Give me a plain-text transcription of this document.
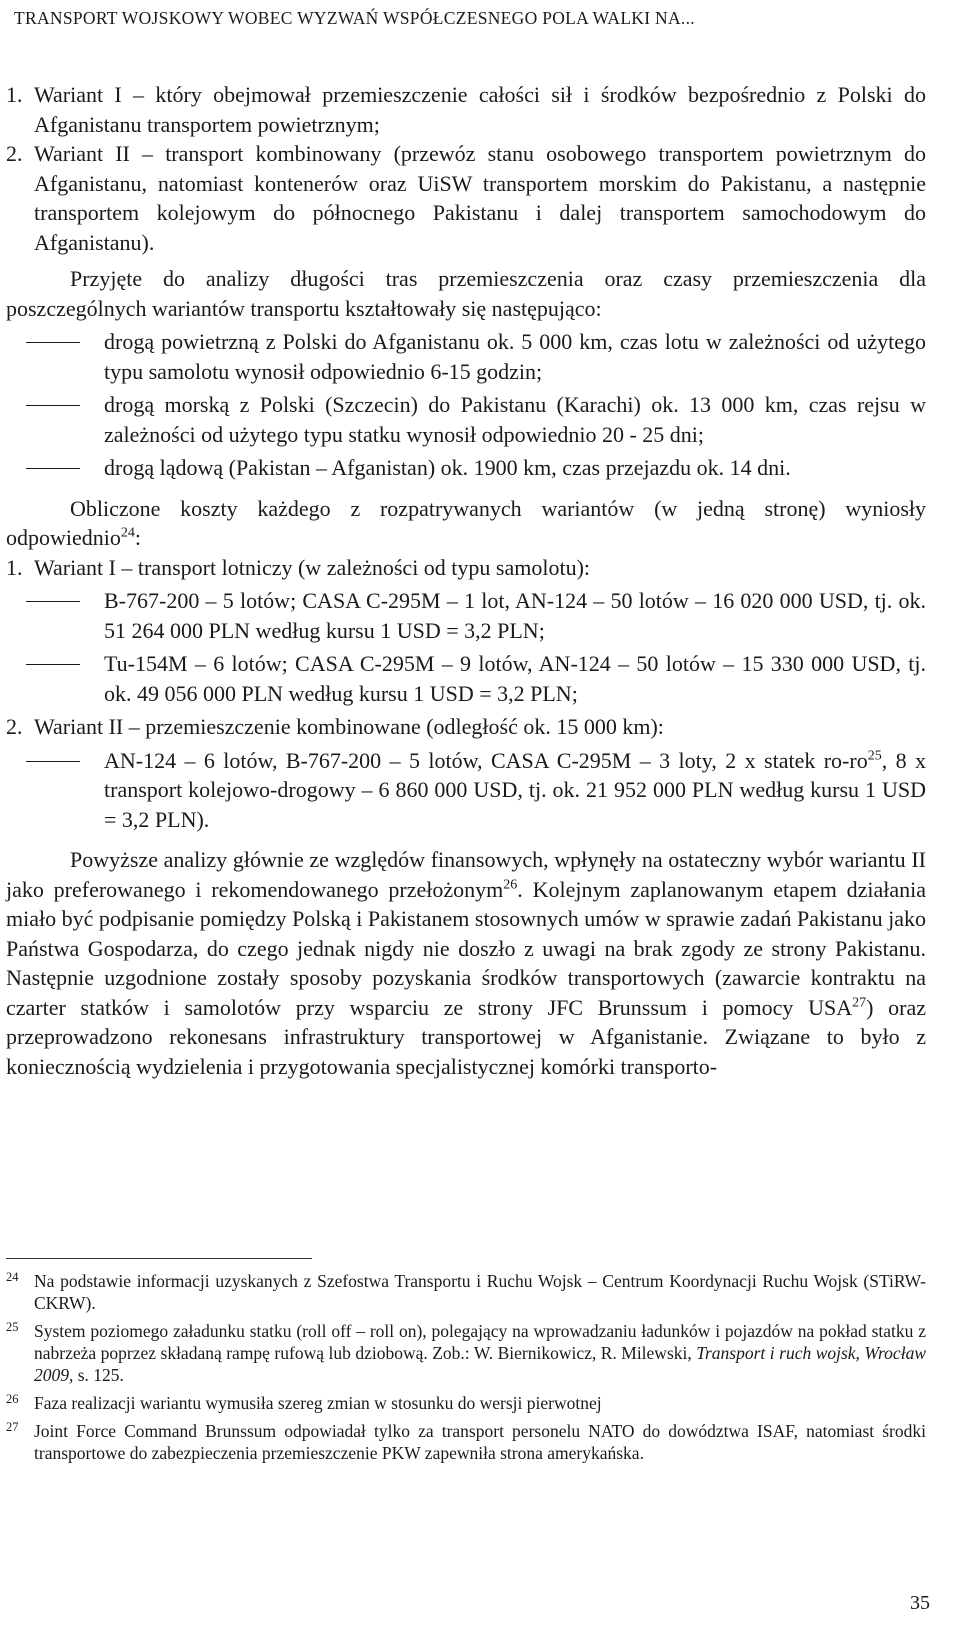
TRANSPORT WOJSKOWY WOBEC WYZWAŃ WSPÓŁCZESNEGO POLA WALKI NA...
1. Wariant I – który obejmował przemieszczenie całości sił i środków bezpośrednio z Polski do Afganistanu transportem powietrznym;
2. Wariant II – transport kombinowany (przewóz stanu osobowego transportem powietrznym do Afganistanu, natomiast kontenerów oraz UiSW transportem morskim do Pakistanu, a następnie transportem kolejowym do północnego Pakistanu i dalej transportem samochodowym do Afganistanu).

Przyjęte do analizy długości tras przemieszczenia oraz czasy przemieszczenia dla poszczególnych wariantów transportu kształtowały się następująco:

drogą powietrzną z Polski do Afganistanu ok. 5 000 km, czas lotu w zależności od użytego typu samolotu wynosił odpowiednio 6-15 godzin;
drogą morską z Polski (Szczecin) do Pakistanu (Karachi) ok. 13 000 km, czas rejsu w zależności od użytego typu statku wynosił odpowiednio 20 - 25 dni;
drogą lądową (Pakistan – Afganistan) ok. 1900 km, czas przejazdu ok. 14 dni.

Obliczone koszty każdego z rozpatrywanych wariantów (w jedną stronę) wyniosły odpowiednio$^{24}$:

1. Wariant I – transport lotniczy (w zależności od typu samolotu):
B-767-200 – 5 lotów; CASA C-295M – 1 lot, AN-124 – 50 lotów – 16 020 000 USD, tj. ok. 51 264 000 PLN według kursu 1 USD = 3,2 PLN;
Tu-154M – 6 lotów; CASA C-295M – 9 lotów, AN-124 – 50 lotów – 15 330 000 USD, tj. ok. 49 056 000 PLN według kursu 1 USD = 3,2 PLN;
2. Wariant II – przemieszczenie kombinowane (odległość ok. 15 000 km):
AN-124 – 6 lotów, B-767-200 – 5 lotów, CASA C-295M – 3 loty, 2 x statek $ro-ro^{25}$, 8 x transport kolejowo-drogowy – 6 860 000 USD, tj. ok. 21 952 000 PLN według kursu 1 USD = 3,2 PLN).

Powyższe analizy głównie ze względów finansowych, wpłynęły na ostateczny wybór wariantu II jako preferowanego i rekomendowanego przełożonym$^{26}$. Kolejnym zaplanowanym etapem działania miało być podpisanie pomiędzy Polską i Pakistanem stosownych umów w sprawie zadań Pakistanu jako Państwa Gospodarza, do czego jednak nigdy nie doszło z uwagi na brak zgody ze strony Pakistanu. Następnie uzgodnione zostały sposoby pozyskania środków transportowych (zawarcie kontraktu na czarter statków i samolotów przy wsparciu ze strony JFC Brunssum i pomocy USA$^{27}$) oraz przeprowadzono rekonesans infrastruktury transportowej w Afganistanie. Związane to było z koniecznością wydzielenia i przygotowania specjalistycznej komórki transporto-

24 Na podstawie informacji uzyskanych z Szefostwa Transportu i Ruchu Wojsk – Centrum Koordynacji Ruchu Wojsk (STiRW-CKRW).
25 System poziomego załadunku statku (roll off – roll on), polegający na wprowadzaniu ładunków i pojazdów na pokład statku z nabrzeża poprzez składaną rampę rufową lub dziobową. Zob.: W. Biernikowicz, R. Milewski, Transport i ruch wojsk, Wrocław 2009, s. 125.
26 Faza realizacji wariantu wymusiła szereg zmian w stosunku do wersji pierwotnej
27 Joint Force Command Brunssum odpowiadał tylko za transport personelu NATO do dowództwa ISAF, natomiast środki transportowe do zabezpieczenia przemieszczenie PKW zapewniła strona amerykańska.
35
